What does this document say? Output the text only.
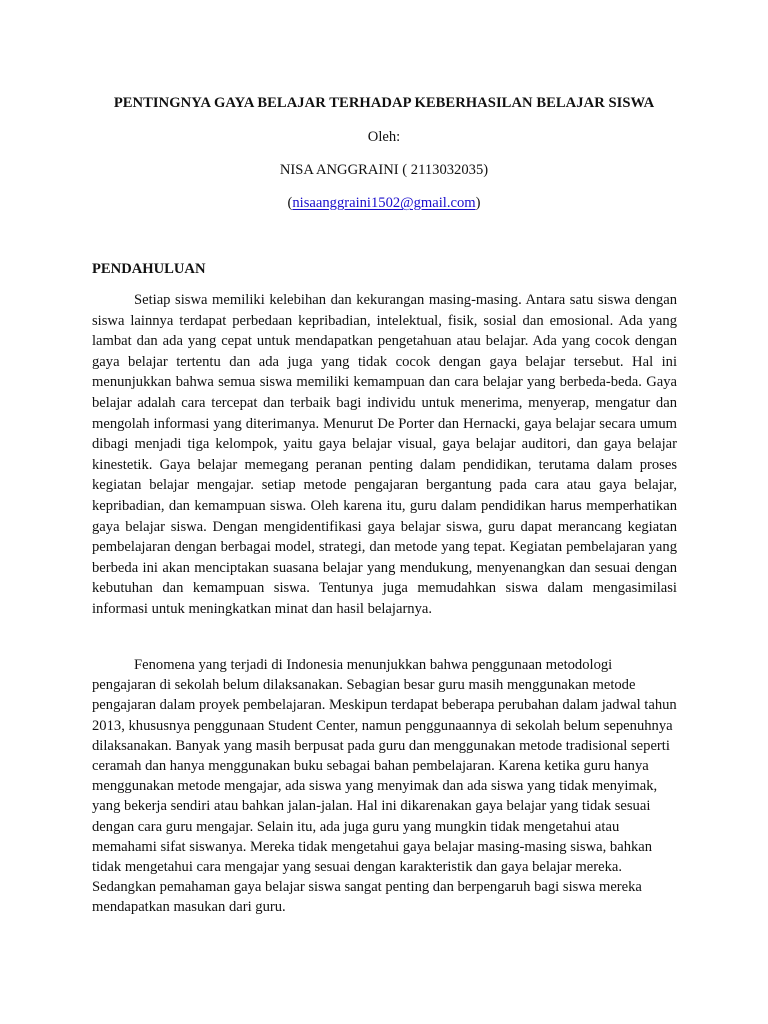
PENTINGNYA GAYA BELAJAR TERHADAP KEBERHASILAN BELAJAR SISWA

Oleh:

NISA ANGGRAINI ( 2113032035)

(nisaanggraini1502@gmail.com)

PENDAHULUAN

Setiap siswa memiliki kelebihan dan kekurangan masing-masing. Antara satu siswa dengan siswa lainnya terdapat perbedaan kepribadian, intelektual, fisik, sosial dan emosional. Ada yang lambat dan ada yang cepat untuk mendapatkan pengetahuan atau belajar. Ada yang cocok dengan gaya belajar tertentu dan ada juga yang tidak cocok dengan gaya belajar tersebut. Hal ini menunjukkan bahwa semua siswa memiliki kemampuan dan cara belajar yang berbeda-beda. Gaya belajar adalah cara tercepat dan terbaik bagi individu untuk menerima, menyerap, mengatur dan mengolah informasi yang diterimanya. Menurut De Porter dan Hernacki, gaya belajar secara umum dibagi menjadi tiga kelompok, yaitu gaya belajar visual, gaya belajar auditori, dan gaya belajar kinestetik. Gaya belajar memegang peranan penting dalam pendidikan, terutama dalam proses kegiatan belajar mengajar. setiap metode pengajaran bergantung pada cara atau gaya belajar, kepribadian, dan kemampuan siswa. Oleh karena itu, guru dalam pendidikan harus memperhatikan gaya belajar siswa. Dengan mengidentifikasi gaya belajar siswa, guru dapat merancang kegiatan pembelajaran dengan berbagai model, strategi, dan metode yang tepat. Kegiatan pembelajaran yang berbeda ini akan menciptakan suasana belajar yang mendukung, menyenangkan dan sesuai dengan kebutuhan dan kemampuan siswa. Tentunya juga memudahkan siswa dalam mengasimilasi informasi untuk meningkatkan minat dan hasil belajarnya.

Fenomena yang terjadi di Indonesia menunjukkan bahwa penggunaan metodologi pengajaran di sekolah belum dilaksanakan. Sebagian besar guru masih menggunakan metode pengajaran dalam proyek pembelajaran. Meskipun terdapat beberapa perubahan dalam jadwal tahun 2013, khususnya penggunaan Student Center, namun penggunaannya di sekolah belum sepenuhnya dilaksanakan. Banyak yang masih berpusat pada guru dan menggunakan metode tradisional seperti ceramah dan hanya menggunakan buku sebagai bahan pembelajaran. Karena ketika guru hanya menggunakan metode mengajar, ada siswa yang menyimak dan ada siswa yang tidak menyimak, yang bekerja sendiri atau bahkan jalan-jalan. Hal ini dikarenakan gaya belajar yang tidak sesuai dengan cara guru mengajar. Selain itu, ada juga guru yang mungkin tidak mengetahui atau memahami sifat siswanya. Mereka tidak mengetahui gaya belajar masing-masing siswa, bahkan tidak mengetahui cara mengajar yang sesuai dengan karakteristik dan gaya belajar mereka. Sedangkan pemahaman gaya belajar siswa sangat penting dan berpengaruh bagi siswa mereka mendapatkan masukan dari guru.
